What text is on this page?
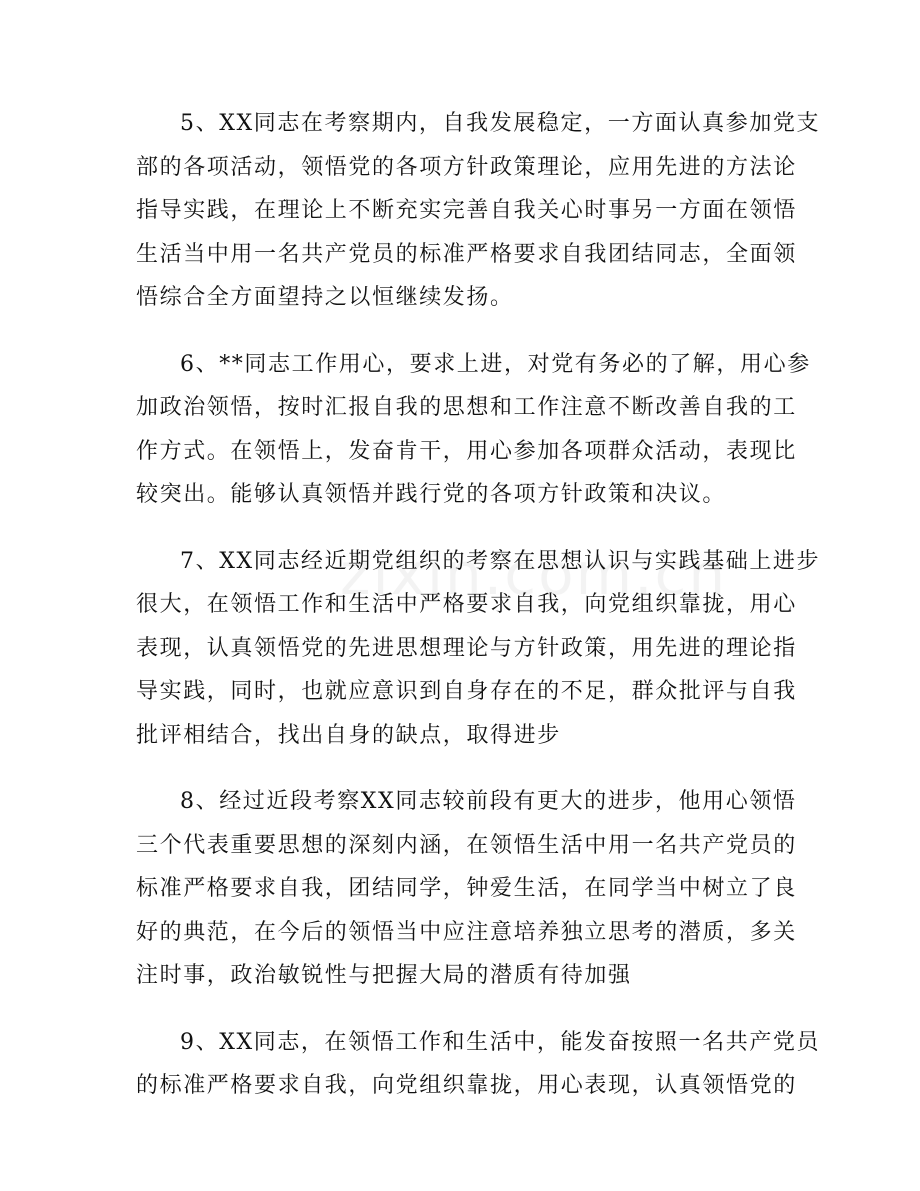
5、XX同志在考察期内，自我发展稳定，一方面认真参加党支
部的各项活动，领悟党的各项方针政策理论，应用先进的方法论
指导实践，在理论上不断充实完善自我关心时事另一方面在领悟
生活当中用一名共产党员的标准严格要求自我团结同志，全面领
悟综合全方面望持之以恒继续发扬。
6、**同志工作用心，要求上进，对党有务必的了解，用心参
加政治领悟，按时汇报自我的思想和工作注意不断改善自我的工
作方式。在领悟上，发奋肯干，用心参加各项群众活动，表现比
较突出。能够认真领悟并践行党的各项方针政策和决议。
7、XX同志经近期党组织的考察在思想认识与实践基础上进步
很大，在领悟工作和生活中严格要求自我，向党组织靠拢，用心
表现，认真领悟党的先进思想理论与方针政策，用先进的理论指
导实践，同时，也就应意识到自身存在的不足，群众批评与自我
批评相结合，找出自身的缺点，取得进步
8、经过近段考察XX同志较前段有更大的进步，他用心领悟
三个代表重要思想的深刻内涵，在领悟生活中用一名共产党员的
标准严格要求自我，团结同学，钟爱生活，在同学当中树立了良
好的典范，在今后的领悟当中应注意培养独立思考的潜质，多关
注时事，政治敏锐性与把握大局的潜质有待加强
9、XX同志，在领悟工作和生活中，能发奋按照一名共产党员
的标准严格要求自我，向党组织靠拢，用心表现，认真领悟党的
